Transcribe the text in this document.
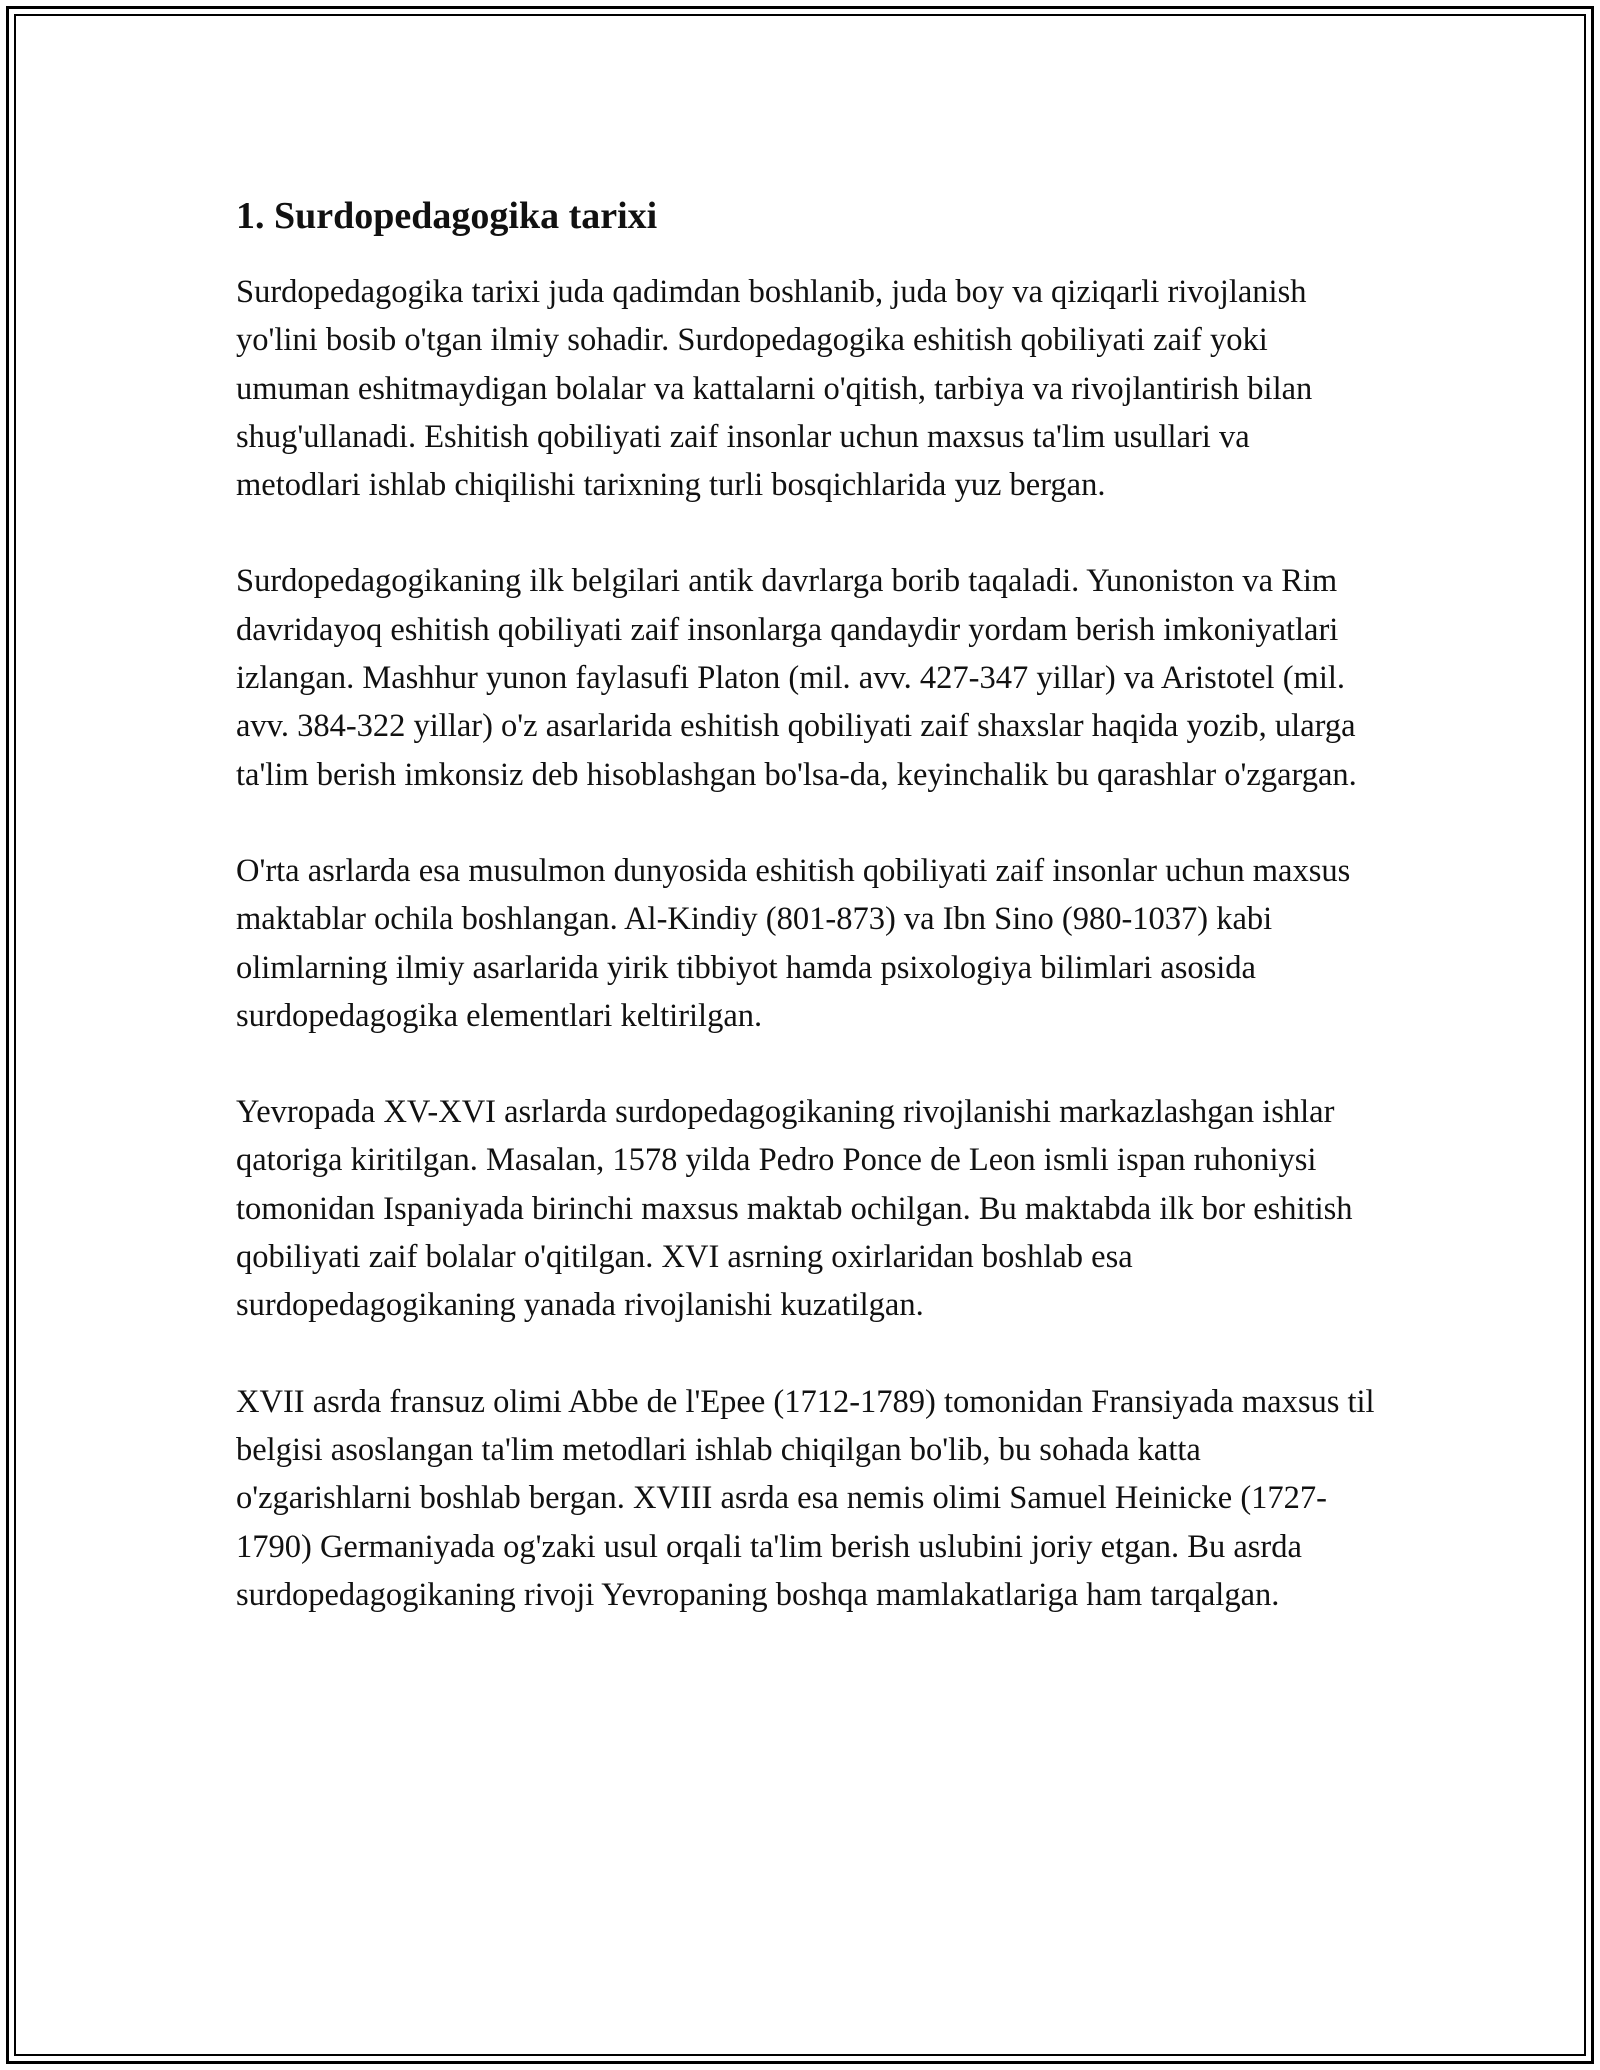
1. Surdopedagogika tarixi

Surdopedagogika tarixi juda qadimdan boshlanib, juda boy va qiziqarli rivojlanish yo'lini bosib o'tgan ilmiy sohadir. Surdopedagogika eshitish qobiliyati zaif yoki umuman eshitmaydigan bolalar va kattalarni o'qitish, tarbiya va rivojlantirish bilan shug'ullanadi. Eshitish qobiliyati zaif insonlar uchun maxsus ta'lim usullari va metodlari ishlab chiqilishi tarixning turli bosqichlarida yuz bergan.

Surdopedagogikaning ilk belgilari antik davrlarga borib taqaladi. Yunoniston va Rim davridayoq eshitish qobiliyati zaif insonlarga qandaydir yordam berish imkoniyatlari izlangan. Mashhur yunon faylasufi Platon (mil. avv. 427-347 yillar) va Aristotel (mil. avv. 384-322 yillar) o'z asarlarida eshitish qobiliyati zaif shaxslar haqida yozib, ularga ta'lim berish imkonsiz deb hisoblashgan bo'lsa-da, keyinchalik bu qarashlar o'zgargan.

O'rta asrlarda esa musulmon dunyosida eshitish qobiliyati zaif insonlar uchun maxsus maktablar ochila boshlangan. Al-Kindiy (801-873) va Ibn Sino (980-1037) kabi olimlarning ilmiy asarlarida yirik tibbiyot hamda psixologiya bilimlari asosida surdopedagogika elementlari keltirilgan.

Yevropada XV-XVI asrlarda surdopedagogikaning rivojlanishi markazlashgan ishlar qatoriga kiritilgan. Masalan, 1578 yilda Pedro Ponce de Leon ismli ispan ruhoniysi tomonidan Ispaniyada birinchi maxsus maktab ochilgan. Bu maktabda ilk bor eshitish qobiliyati zaif bolalar o'qitilgan. XVI asrning oxirlaridan boshlab esa surdopedagogikaning yanada rivojlanishi kuzatilgan.

XVII asrda fransuz olimi Abbe de l'Epee (1712-1789) tomonidan Fransiyada maxsus til belgisi asoslangan ta'lim metodlari ishlab chiqilgan bo'lib, bu sohada katta o'zgarishlarni boshlab bergan. XVIII asrda esa nemis olimi Samuel Heinicke (1727-1790) Germaniyada og'zaki usul orqali ta'lim berish uslubini joriy etgan. Bu asrda surdopedagogikaning rivoji Yevropaning boshqa mamlakatlariga ham tarqalgan.
